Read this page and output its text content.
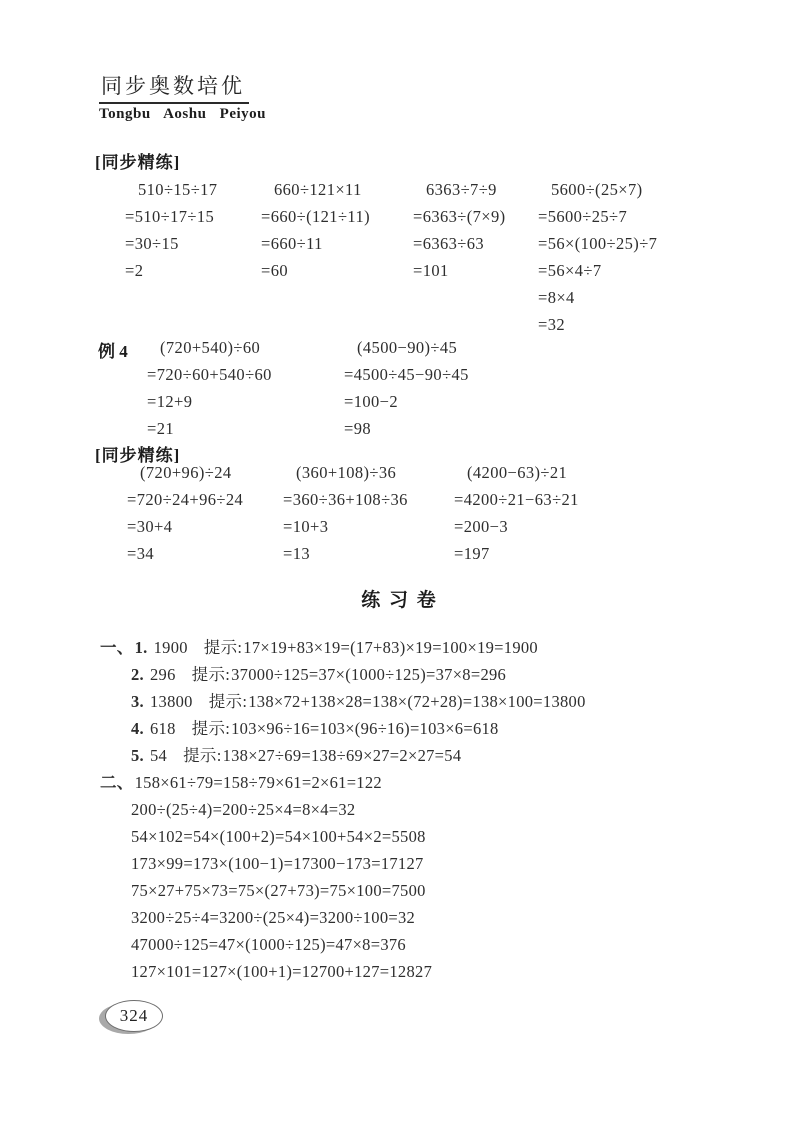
同步奥数培优
Tongbu Aoshu Peiyou
[同步精练]
510÷15÷17
=510÷17÷15
=30÷15
=2
660÷121×11
=660÷(121÷11)
=660÷11
=60
6363÷7÷9
=6363÷(7×9)
=6363÷63
=101
5600÷(25×7)
=5600÷25÷7
=56×(100÷25)÷7
=56×4÷7
=8×4
=32
例 4	(720+540)÷60
=720÷60+540÷60
=12+9
=21
(4500−90)÷45
=4500÷45−90÷45
=100−2
=98
[同步精练]
(720+96)÷24
=720÷24+96÷24
=30+4
=34
(360+108)÷36
=360÷36+108÷36
=10+3
=13
(4200−63)÷21
=4200÷21−63÷21
=200−3
=197
练 习 卷
一、1. 1900 提示:17×19+83×19=(17+83)×19=100×19=1900
2. 296 提示:37000÷125=37×(1000÷125)=37×8=296
3. 13800 提示:138×72+138×28=138×(72+28)=138×100=13800
4. 618 提示:103×96÷16=103×(96÷16)=103×6=618
5. 54 提示:138×27÷69=138÷69×27=2×27=54
二、158×61÷79=158÷79×61=2×61=122
200÷(25÷4)=200÷25×4=8×4=32
54×102=54×(100+2)=54×100+54×2=5508
173×99=173×(100−1)=17300−173=17127
75×27+75×73=75×(27+73)=75×100=7500
3200÷25÷4=3200÷(25×4)=3200÷100=32
47000÷125=47×(1000÷125)=47×8=376
127×101=127×(100+1)=12700+127=12827
324
